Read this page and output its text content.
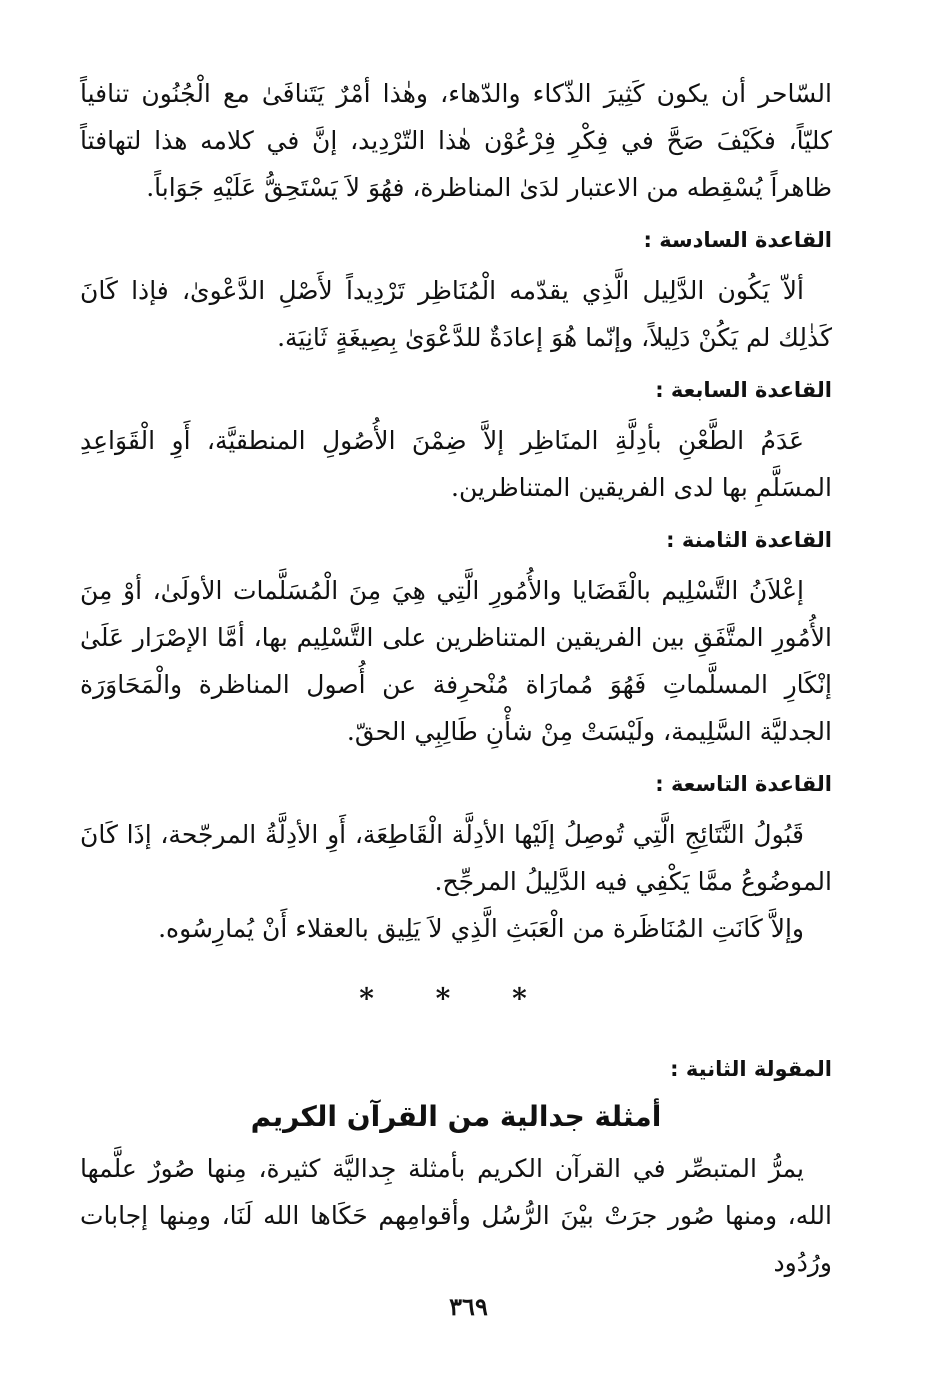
السّاحر أن يكون كَثِيرَ الذّكاء والدّهاء، وهٰذا أمْرٌ يَتَنافَىٰ مع الْجُنُون تنافياً كليّاً، فكَيْفَ صَحَّ في فِكْرِ فِرْعُوْن هٰذا التّرْدِيد، إنَّ في كلامه هذا لتهافتاً ظاهراً يُسْقِطه من الاعتبار لدَىٰ المناظرة، فهُوَ لاَ يَسْتَحِقُّ عَلَيْهِ جَوَاباً.

القاعدة السادسة :

ألاّ يَكُون الدَّلِيل الَّذِي يقدّمه الْمُنَاظِر تَرْدِيداً لأَصْلِ الدَّعْوىٰ، فإذا كَانَ كَذٰلِك لم يَكُنْ دَلِيلاً، وإنّما هُوَ إعادَةٌ للدَّعْوَىٰ بِصِيغَةٍ ثَانِيَة.

القاعدة السابعة :

عَدَمُ الطَّعْنِ بأدِلَّةِ المنَاظِر إلاَّ ضِمْنَ الأُصُولِ المنطقيَّة، أَوِ الْقَوَاعِدِ المسَلَّمِ بها لدى الفريقين المتناظرين.

القاعدة الثامنة :

إعْلاَنُ التَّسْلِيم بالْقَضَايا والأُمُورِ الَّتِي هِيَ مِنَ الْمُسَلَّمات الأولَىٰ، أوْ مِنَ الأُمُورِ المتَّفَقِ بين الفريقين المتناظرين على التَّسْلِيم بها، أمَّا الإصْرَار عَلَىٰ إنْكَارِ المسلَّماتِ فَهُوَ مُمارَاة مُنْحرِفة عن أُصول المناظرة والْمَحَاوَرَة الجدليَّة السَّلِيمة، ولَيْسَتْ مِنْ شأْنِ طَالِبِي الحقّ.

القاعدة التاسعة :

قَبُولُ النَّتَائِجِ الَّتِي تُوصِلُ إلَيْها الأدِلَّة الْقَاطِعَة، أَوِ الأدِلَّةُ المرجّحة، إذَا كَانَ الموضُوعُ ممَّا يَكْفِي فيه الدَّلِيلُ المرجِّح.

وإلاَّ كَانَتِ المُنَاظَرة من الْعَبَثِ الَّذِي لاَ يَلِيق بالعقلاء أَنْ يُمارِسُوه.

* * *
المقولة الثانية :
أمثلة جدالية من القرآن الكريم

يمرُّ المتبصِّر في القرآن الكريم بأمثلة جِداليَّة كثيرة، مِنها صُورٌ علَّمها الله، ومنها صُور جرَتْ بيْنَ الرُّسُل وأقوامِهم حَكَاها الله لَنَا، ومِنها إجابات ورُدُود

٣٦٩
